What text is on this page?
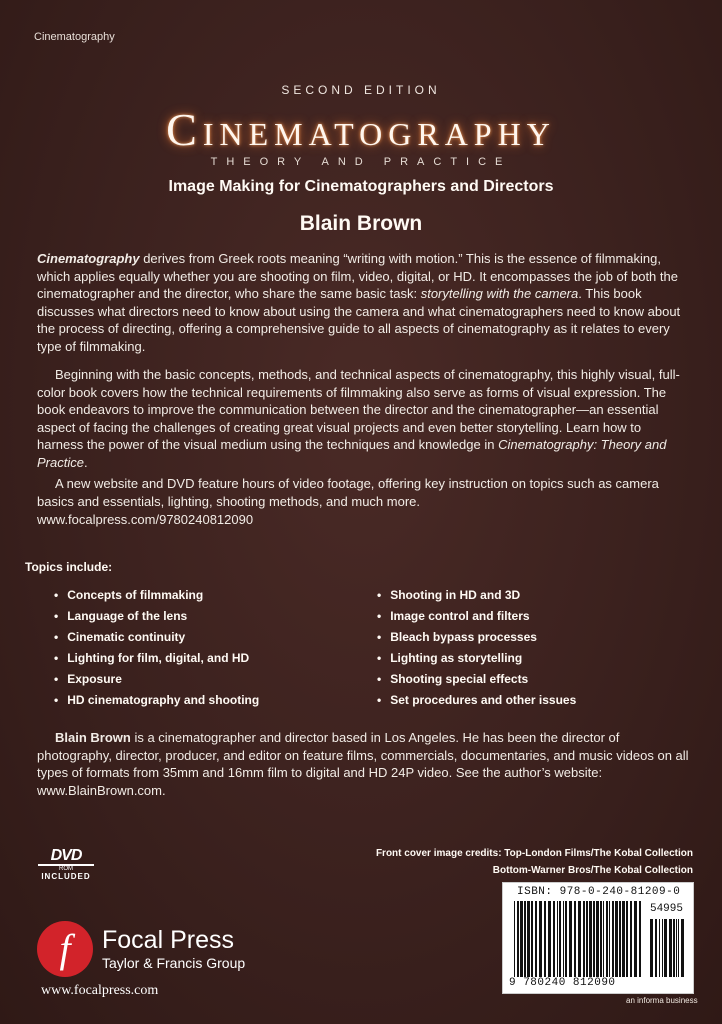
Cinematography
SECOND EDITION
Cinematography
THEORY AND PRACTICE
Image Making for Cinematographers and Directors
Blain Brown

Cinematography derives from Greek roots meaning “writing with motion.” This is the essence of filmmaking, which applies equally whether you are shooting on film, video, digital, or HD. It encompasses the job of both the cinematographer and the director, who share the same basic task: storytelling with the camera. This book discusses what directors need to know about using the camera and what cinematographers need to know about the process of directing, offering a comprehensive guide to all aspects of cinematography as it relates to every type of filmmaking.

Beginning with the basic concepts, methods, and technical aspects of cinematography, this highly visual, full-color book covers how the technical requirements of filmmaking also serve as forms of visual expression. The book endeavors to improve the communication between the director and the cinematographer—an essential aspect of facing the challenges of creating great visual projects and even better storytelling. Learn how to harness the power of the visual medium using the techniques and knowledge in Cinematography: Theory and Practice.

A new website and DVD feature hours of video footage, offering key instruction on topics such as camera basics and essentials, lighting, shooting methods, and much more.

www.focalpress.com/9780240812090
Topics include:
• Concepts of filmmaking
• Language of the lens
• Cinematic continuity
• Lighting for film, digital, and HD
• Exposure
• HD cinematography and shooting
• Shooting in HD and 3D
• Image control and filters
• Bleach bypass processes
• Lighting as storytelling
• Shooting special effects
• Set procedures and other issues

Blain Brown is a cinematographer and director based in Los Angeles. He has been the director of photography, director, producer, and editor on feature films, commercials, documentaries, and music videos on all types of formats from 35mm and 16mm film to digital and HD 24P video. See the author’s website: www.BlainBrown.com.

Front cover image credits: Top-London Films/The Kobal Collection
Bottom-Warner Bros/The Kobal Collection
DVD
ROM
INCLUDED
f Focal Press
Taylor & Francis Group
www.focalpress.com
ISBN: 978-0-240-81209-0
54995
9 780240 812090
an informa business
